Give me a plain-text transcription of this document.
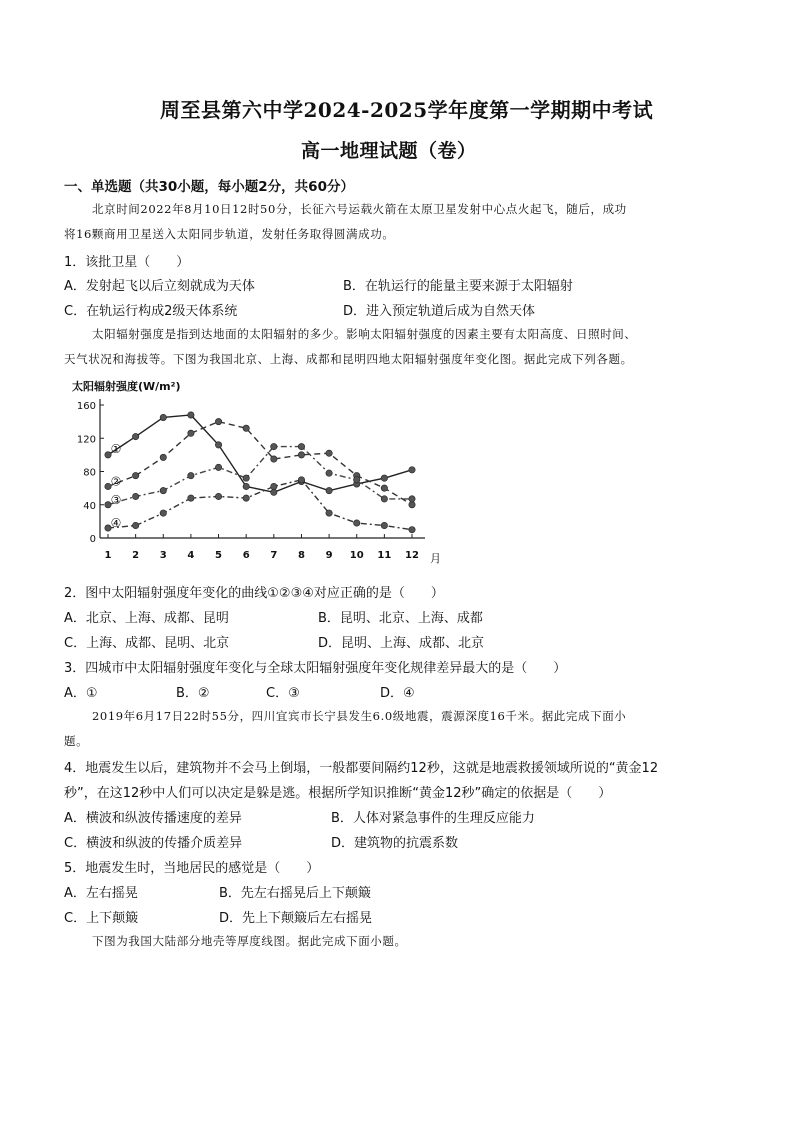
周至县第六中学2024-2025学年度第一学期期中考试
高一地理试题（卷）
一、单选题（共30小题，每小题2分，共60分）
北京时间2022年8月10日12时50分，长征六号运载火箭在太原卫星发射中心点火起飞，随后，成功
将16颗商用卫星送入太阳同步轨道，发射任务取得圆满成功。
1．该批卫星（　　）
A．发射起飞以后立刻就成为天体	B．在轨运行的能量主要来源于太阳辐射
C．在轨运行构成2级天体系统	D．进入预定轨道后成为自然天体
太阳辐射强度是指到达地面的太阳辐射的多少。影响太阳辐射强度的因素主要有太阳高度、日照时间、
天气状况和海拔等。下图为我国北京、上海、成都和昆明四地太阳辐射强度年变化图。据此完成下列各题。
太阳辐射强度(W/m²)
月
0
40
80
120
160
1 2 3 4 5 6 7 8 9 10 11 12
①
②
③
④
2．图中太阳辐射强度年变化的曲线①②③④对应正确的是（　　）
A．北京、上海、成都、昆明	B．昆明、北京、上海、成都
C．上海、成都、昆明、北京	D．昆明、上海、成都、北京
3．四城市中太阳辐射强度年变化与全球太阳辐射强度年变化规律差异最大的是（　　）
A．①	B．②	C．③	D．④
2019年6月17日22时55分，四川宜宾市长宁县发生6.0级地震，震源深度16千米。据此完成下面小
题。
4．地震发生以后，建筑物并不会马上倒塌，一般都要间隔约12秒，这就是地震救援领域所说的“黄金12
秒”，在这12秒中人们可以决定是躲是逃。根据所学知识推断“黄金12秒”确定的依据是（　　）
A．横波和纵波传播速度的差异	B．人体对紧急事件的生理反应能力
C．横波和纵波的传播介质差异	D．建筑物的抗震系数
5．地震发生时，当地居民的感觉是（　　）
A．左右摇晃	B．先左右摇晃后上下颠簸
C．上下颠簸	D．先上下颠簸后左右摇晃
下图为我国大陆部分地壳等厚度线图。据此完成下面小题。
